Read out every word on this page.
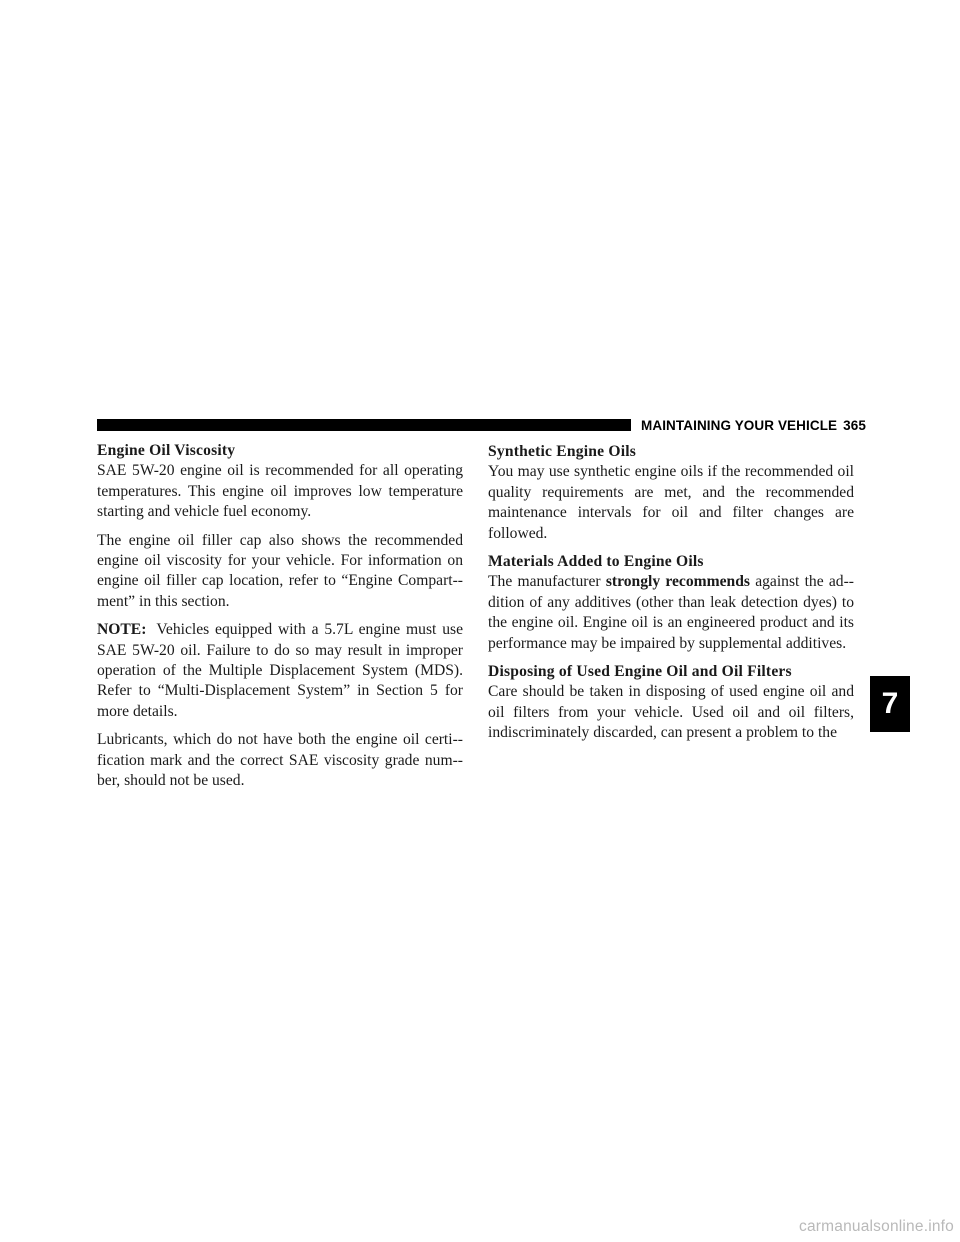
MAINTAINING YOUR VEHICLE 365
Engine Oil Viscosity

SAE 5W-20 engine oil is recommended for all operating temperatures. This engine oil improves low temperature starting and vehicle fuel economy.

The engine oil filler cap also shows the recommended engine oil viscosity for your vehicle. For information on engine oil filler cap location, refer to “Engine Compart-ment” in this section.

NOTE: Vehicles equipped with a 5.7L engine must use SAE 5W-20 oil. Failure to do so may result in improper operation of the Multiple Displacement System (MDS). Refer to “Multi-Displacement System” in Section 5 for more details.

Lubricants, which do not have both the engine oil certi-fication mark and the correct SAE viscosity grade num-ber, should not be used.

Synthetic Engine Oils

You may use synthetic engine oils if the recommended oil quality requirements are met, and the recommended maintenance intervals for oil and filter changes are followed.

Materials Added to Engine Oils

The manufacturer strongly recommends against the ad-dition of any additives (other than leak detection dyes) to the engine oil. Engine oil is an engineered product and its performance may be impaired by supplemental additives.

Disposing of Used Engine Oil and Oil Filters

Care should be taken in disposing of used engine oil and oil filters from your vehicle. Used oil and oil filters, indiscriminately discarded, can present a problem to the

7
carmanualsonline.info
